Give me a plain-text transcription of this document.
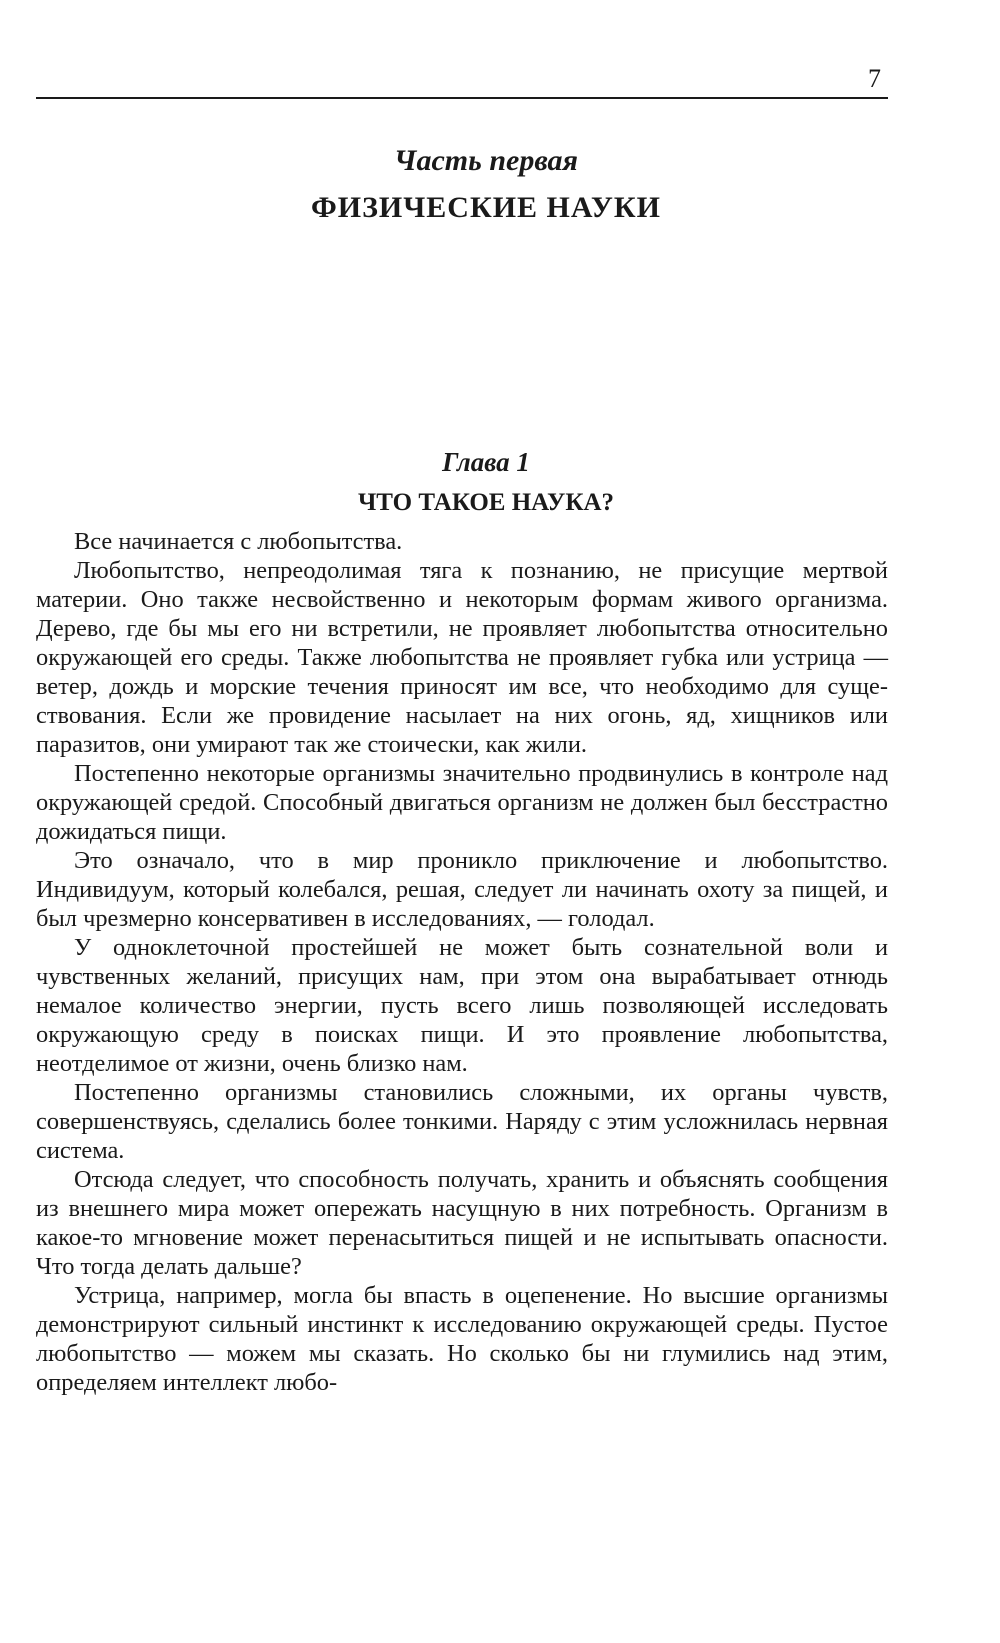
7
Часть первая
ФИЗИЧЕСКИЕ НАУКИ
Глава 1
ЧТО ТАКОЕ НАУКА?

Все начинается с любопытства.

Любопытство, непреодолимая тяга к познанию, не присущие мертвой материи. Оно также несвойственно и некоторым формам живого организма. Дерево, где бы мы его ни встретили, не проявляет любопытства относительно окружающей его среды. Также любопытства не проявляет губка или устрица — ветер, дождь и морские течения приносят им все, что необходимо для существования. Если же провидение насылает на них огонь, яд, хищников или паразитов, они умирают так же стоически, как жили.

Постепенно некоторые организмы значительно продвинулись в контроле над окружающей средой. Способный двигаться организм не должен был бесстрастно дожидаться пищи.

Это означало, что в мир проникло приключение и любопытство. Индивидуум, который колебался, решая, следует ли начинать охоту за пищей, и был чрезмерно консервативен в исследованиях, — голодал.

У одноклеточной простейшей не может быть сознательной воли и чувственных желаний, присущих нам, при этом она вырабатывает отнюдь немалое количество энергии, пусть всего лишь позволяющей исследовать окружающую среду в поисках пищи. И это проявление любопытства, неотделимое от жизни, очень близко нам.

Постепенно организмы становились сложными, их органы чувств, совершенствуясь, сделались более тонкими. Наряду с этим усложнилась нервная система.

Отсюда следует, что способность получать, хранить и объяснять сообщения из внешнего мира может опережать насущную в них потребность. Организм в какое-то мгновение может перенасытиться пищей и не испытывать опасности. Что тогда делать дальше?

Устрица, например, могла бы впасть в оцепенение. Но высшие организмы демонстрируют сильный инстинкт к исследованию окружающей среды. Пустое любопытство — можем мы сказать. Но сколько бы ни глумились над этим, определяем интеллект любо-
